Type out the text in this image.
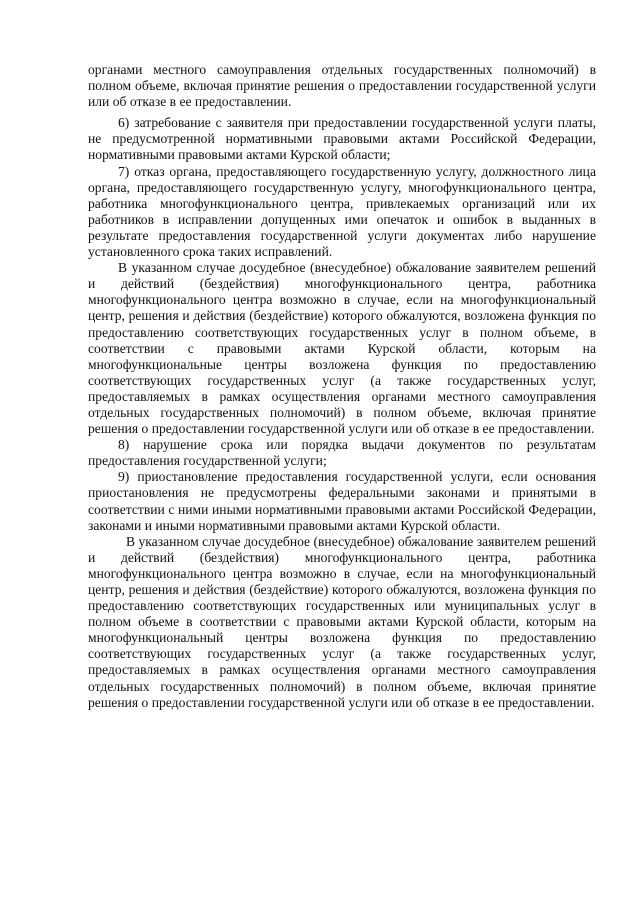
органами местного самоуправления отдельных государственных полномочий) в полном объеме, включая принятие решения о предоставлении государственной услуги или об отказе в ее предоставлении.

6) затребование с заявителя при предоставлении государственной услуги платы, не предусмотренной нормативными правовыми актами Российской Федерации, нормативными правовыми актами Курской области;

7) отказ органа, предоставляющего государственную услугу, должностного лица органа, предоставляющего государственную услугу, многофункционального центра, работника многофункционального центра, привлекаемых организаций или их работников в исправлении допущенных ими опечаток и ошибок в выданных в результате предоставления государственной услуги документах либо нарушение установленного срока таких исправлений.

В указанном случае досудебное (внесудебное) обжалование заявителем решений и действий (бездействия) многофункционального центра, работника многофункционального центра возможно в случае, если на многофункциональный центр, решения и действия (бездействие) которого обжалуются, возложена функция по предоставлению соответствующих государственных услуг в полном объеме, в соответствии с правовыми актами Курской области, которым на многофункциональные центры возложена функция по предоставлению соответствующих государственных услуг (а также государственных услуг, предоставляемых в рамках осуществления органами местного самоуправления отдельных государственных полномочий) в полном объеме, включая принятие решения о предоставлении государственной услуги или об отказе в ее предоставлении.

8) нарушение срока или порядка выдачи документов по результатам предоставления государственной услуги;

9) приостановление предоставления государственной услуги, если основания приостановления не предусмотрены федеральными законами и принятыми в соответствии с ними иными нормативными правовыми актами Российской Федерации, законами и иными нормативными правовыми актами Курской области.

В указанном случае досудебное (внесудебное) обжалование заявителем решений и действий (бездействия) многофункционального центра, работника многофункционального центра возможно в случае, если на многофункциональный центр, решения и действия (бездействие) которого обжалуются, возложена функция по предоставлению соответствующих государственных или муниципальных услуг в полном объеме в соответствии с правовыми актами Курской области, которым на многофункциональный центры возложена функция по предоставлению соответствующих государственных услуг (а также государственных услуг, предоставляемых в рамках осуществления органами местного самоуправления отдельных государственных полномочий) в полном объеме, включая принятие решения о предоставлении государственной услуги или об отказе в ее предоставлении.
